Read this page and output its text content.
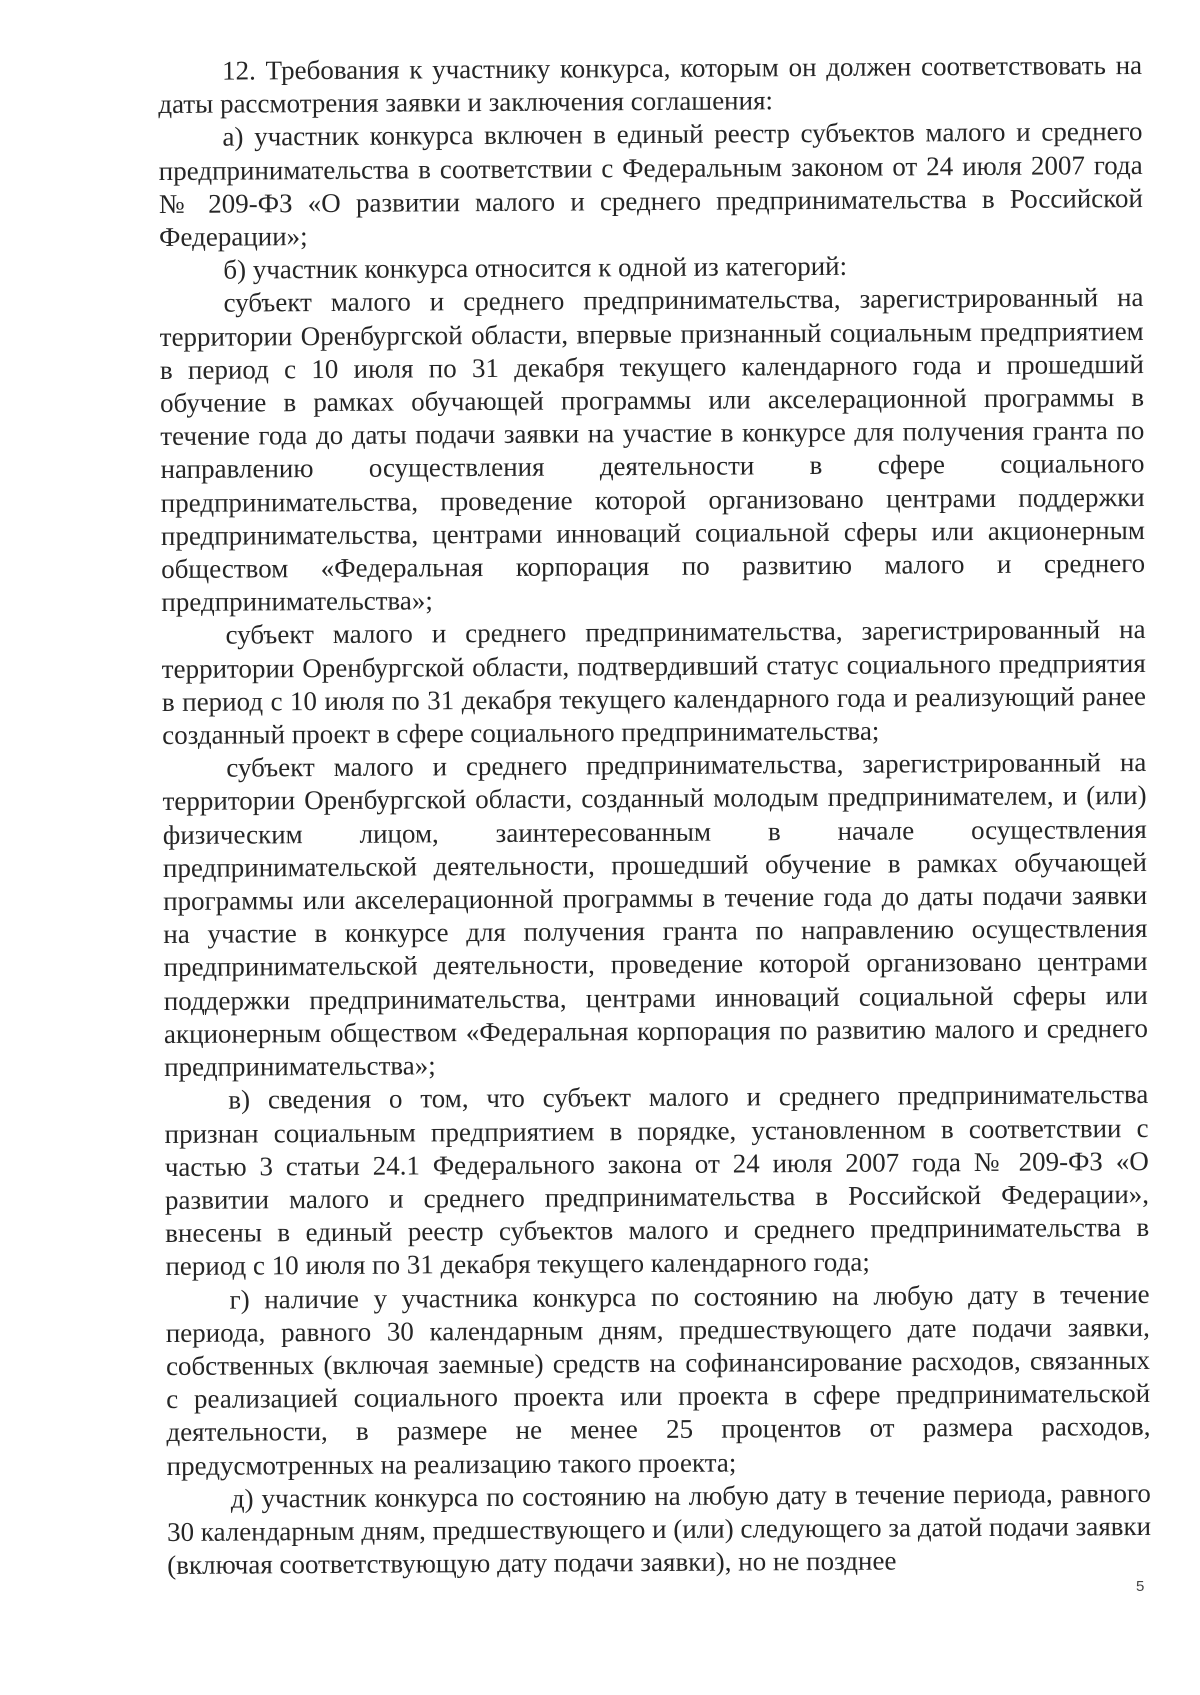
12. Требования к участнику конкурса, которым он должен соответствовать на даты рассмотрения заявки и заключения соглашения:

а) участник конкурса включен в единый реестр субъектов малого и среднего предпринимательства в соответствии с Федеральным законом от 24 июля 2007 года № 209-ФЗ «О развитии малого и среднего предпринимательства в Российской Федерации»;

б) участник конкурса относится к одной из категорий:

субъект малого и среднего предпринимательства, зарегистрированный на территории Оренбургской области, впервые признанный социальным предприятием в период с 10 июля по 31 декабря текущего календарного года и прошедший обучение в рамках обучающей программы или акселерационной программы в течение года до даты подачи заявки на участие в конкурсе для получения гранта по направлению осуществления деятельности в сфере социального предпринимательства, проведение которой организовано центрами поддержки предпринимательства, центрами инноваций социальной сферы или акционерным обществом «Федеральная корпорация по развитию малого и среднего предпринимательства»;

субъект малого и среднего предпринимательства, зарегистрированный на территории Оренбургской области, подтвердивший статус социального предприятия в период с 10 июля по 31 декабря текущего календарного года и реализующий ранее созданный проект в сфере социального предпринимательства;

субъект малого и среднего предпринимательства, зарегистрированный на территории Оренбургской области, созданный молодым предпринимателем, и (или) физическим лицом, заинтересованным в начале осуществления предпринимательской деятельности, прошедший обучение в рамках обучающей программы или акселерационной программы в течение года до даты подачи заявки на участие в конкурсе для получения гранта по направлению осуществления предпринимательской деятельности, проведение которой организовано центрами поддержки предпринимательства, центрами инноваций социальной сферы или акционерным обществом «Федеральная корпорация по развитию малого и среднего предпринимательства»;

в) сведения о том, что субъект малого и среднего предпринимательства признан социальным предприятием в порядке, установленном в соответствии с частью 3 статьи 24.1 Федерального закона от 24 июля 2007 года № 209-ФЗ «О развитии малого и среднего предпринимательства в Российской Федерации», внесены в единый реестр субъектов малого и среднего предпринимательства в период с 10 июля по 31 декабря текущего календарного года;

г) наличие у участника конкурса по состоянию на любую дату в течение периода, равного 30 календарным дням, предшествующего дате подачи заявки, собственных (включая заемные) средств на софинансирование расходов, связанных с реализацией социального проекта или проекта в сфере предпринимательской деятельности, в размере не менее 25 процентов от размера расходов, предусмотренных на реализацию такого проекта;

д) участник конкурса по состоянию на любую дату в течение периода, равного 30 календарным дням, предшествующего и (или) следующего за датой подачи заявки (включая соответствующую дату подачи заявки), но не позднее

5
